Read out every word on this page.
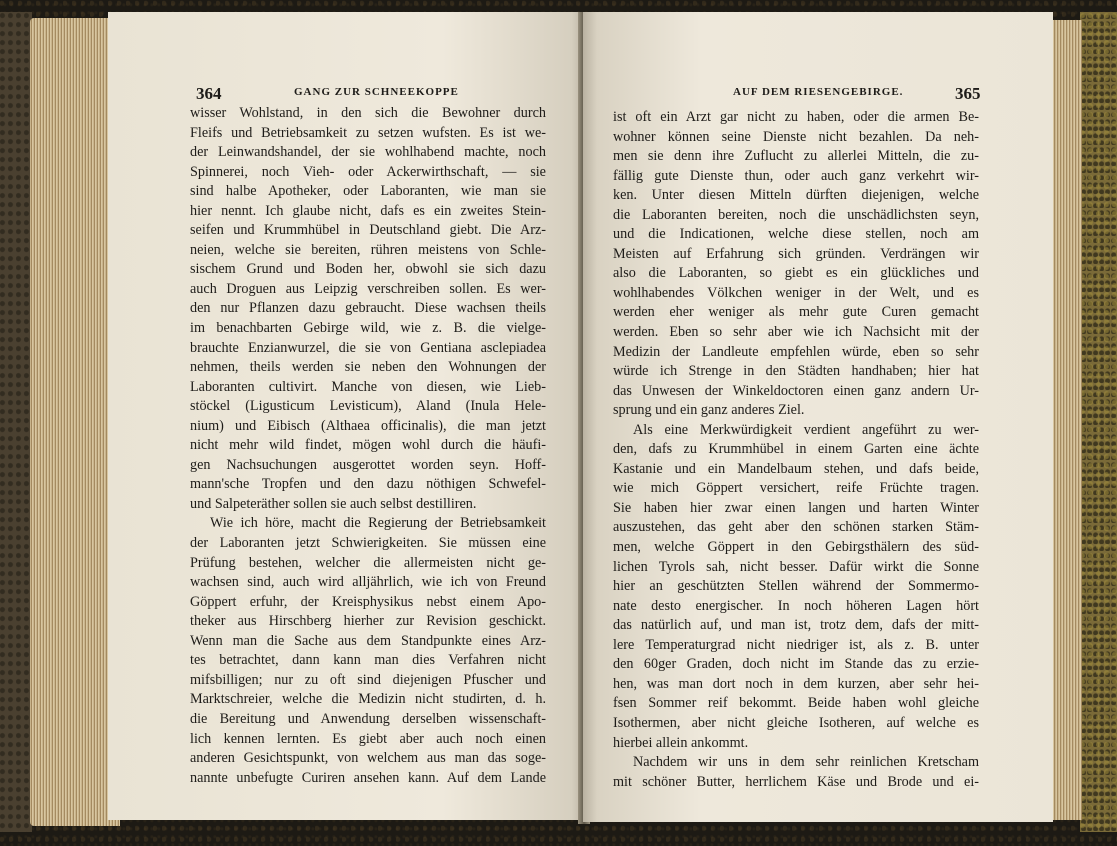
364	GANG ZUR SCHNEEKOPPE
wisser Wohlstand, in den sich die Bewohner durch
Fleifs und Betriebsamkeit zu setzen wufsten. Es ist we-
der Leinwandshandel, der sie wohlhabend machte, noch
Spinnerei, noch Vieh- oder Ackerwirthschaft, — sie
sind halbe Apotheker, oder Laboranten, wie man sie
hier nennt. Ich glaube nicht, dafs es ein zweites Stein-
seifen und Krummhübel in Deutschland giebt. Die Arz-
neien, welche sie bereiten, rühren meistens von Schle-
sischem Grund und Boden her, obwohl sie sich dazu
auch Droguen aus Leipzig verschreiben sollen. Es wer-
den nur Pflanzen dazu gebraucht. Diese wachsen theils
im benachbarten Gebirge wild, wie z. B. die vielge-
brauchte Enzianwurzel, die sie von Gentiana asclepiadea
nehmen, theils werden sie neben den Wohnungen der
Laboranten cultivirt. Manche von diesen, wie Lieb-
stöckel (Ligusticum Levisticum), Aland (Inula Hele-
nium) und Eibisch (Althaea officinalis), die man jetzt
nicht mehr wild findet, mögen wohl durch die häufi-
gen Nachsuchungen ausgerottet worden seyn. Hoff-
mann'sche Tropfen und den dazu nöthigen Schwefel-
und Salpeteräther sollen sie auch selbst destilliren.
Wie ich höre, macht die Regierung der Betriebsamkeit
der Laboranten jetzt Schwierigkeiten. Sie müssen eine
Prüfung bestehen, welcher die allermeisten nicht ge-
wachsen sind, auch wird alljährlich, wie ich von Freund
Göppert erfuhr, der Kreisphysikus nebst einem Apo-
theker aus Hirschberg hierher zur Revision geschickt.
Wenn man die Sache aus dem Standpunkte eines Arz-
tes betrachtet, dann kann man dies Verfahren nicht
mifsbilligen; nur zu oft sind diejenigen Pfuscher und
Marktschreier, welche die Medizin nicht studirten, d. h.
die Bereitung und Anwendung derselben wissenschaft-
lich kennen lernten. Es giebt aber auch noch einen
anderen Gesichtspunkt, von welchem aus man das soge-
nannte unbefugte Curiren ansehen kann. Auf dem Lande
AUF DEM RIESENGEBIRGE.	365
ist oft ein Arzt gar nicht zu haben, oder die armen Be-
wohner können seine Dienste nicht bezahlen. Da neh-
men sie denn ihre Zuflucht zu allerlei Mitteln, die zu-
fällig gute Dienste thun, oder auch ganz verkehrt wir-
ken. Unter diesen Mitteln dürften diejenigen, welche
die Laboranten bereiten, noch die unschädlichsten seyn,
und die Indicationen, welche diese stellen, noch am
Meisten auf Erfahrung sich gründen. Verdrängen wir
also die Laboranten, so giebt es ein glückliches und
wohlhabendes Völkchen weniger in der Welt, und es
werden eher weniger als mehr gute Curen gemacht
werden. Eben so sehr aber wie ich Nachsicht mit der
Medizin der Landleute empfehlen würde, eben so sehr
würde ich Strenge in den Städten handhaben; hier hat
das Unwesen der Winkeldoctoren einen ganz andern Ur-
sprung und ein ganz anderes Ziel.
Als eine Merkwürdigkeit verdient angeführt zu wer-
den, dafs zu Krummhübel in einem Garten eine ächte
Kastanie und ein Mandelbaum stehen, und dafs beide,
wie mich Göppert versichert, reife Früchte tragen.
Sie haben hier zwar einen langen und harten Winter
auszustehen, das geht aber den schönen starken Stäm-
men, welche Göppert in den Gebirgsthälern des süd-
lichen Tyrols sah, nicht besser. Dafür wirkt die Sonne
hier an geschützten Stellen während der Sommermo-
nate desto energischer. In noch höheren Lagen hört
das natürlich auf, und man ist, trotz dem, dafs der mitt-
lere Temperaturgrad nicht niedriger ist, als z. B. unter
den 60ger Graden, doch nicht im Stande das zu erzie-
hen, was man dort noch in dem kurzen, aber sehr hei-
fsen Sommer reif bekommt. Beide haben wohl gleiche
Isothermen, aber nicht gleiche Isotheren, auf welche es
hierbei allein ankommt.
Nachdem wir uns in dem sehr reinlichen Kretscham
mit schöner Butter, herrlichem Käse und Brode und ei-
